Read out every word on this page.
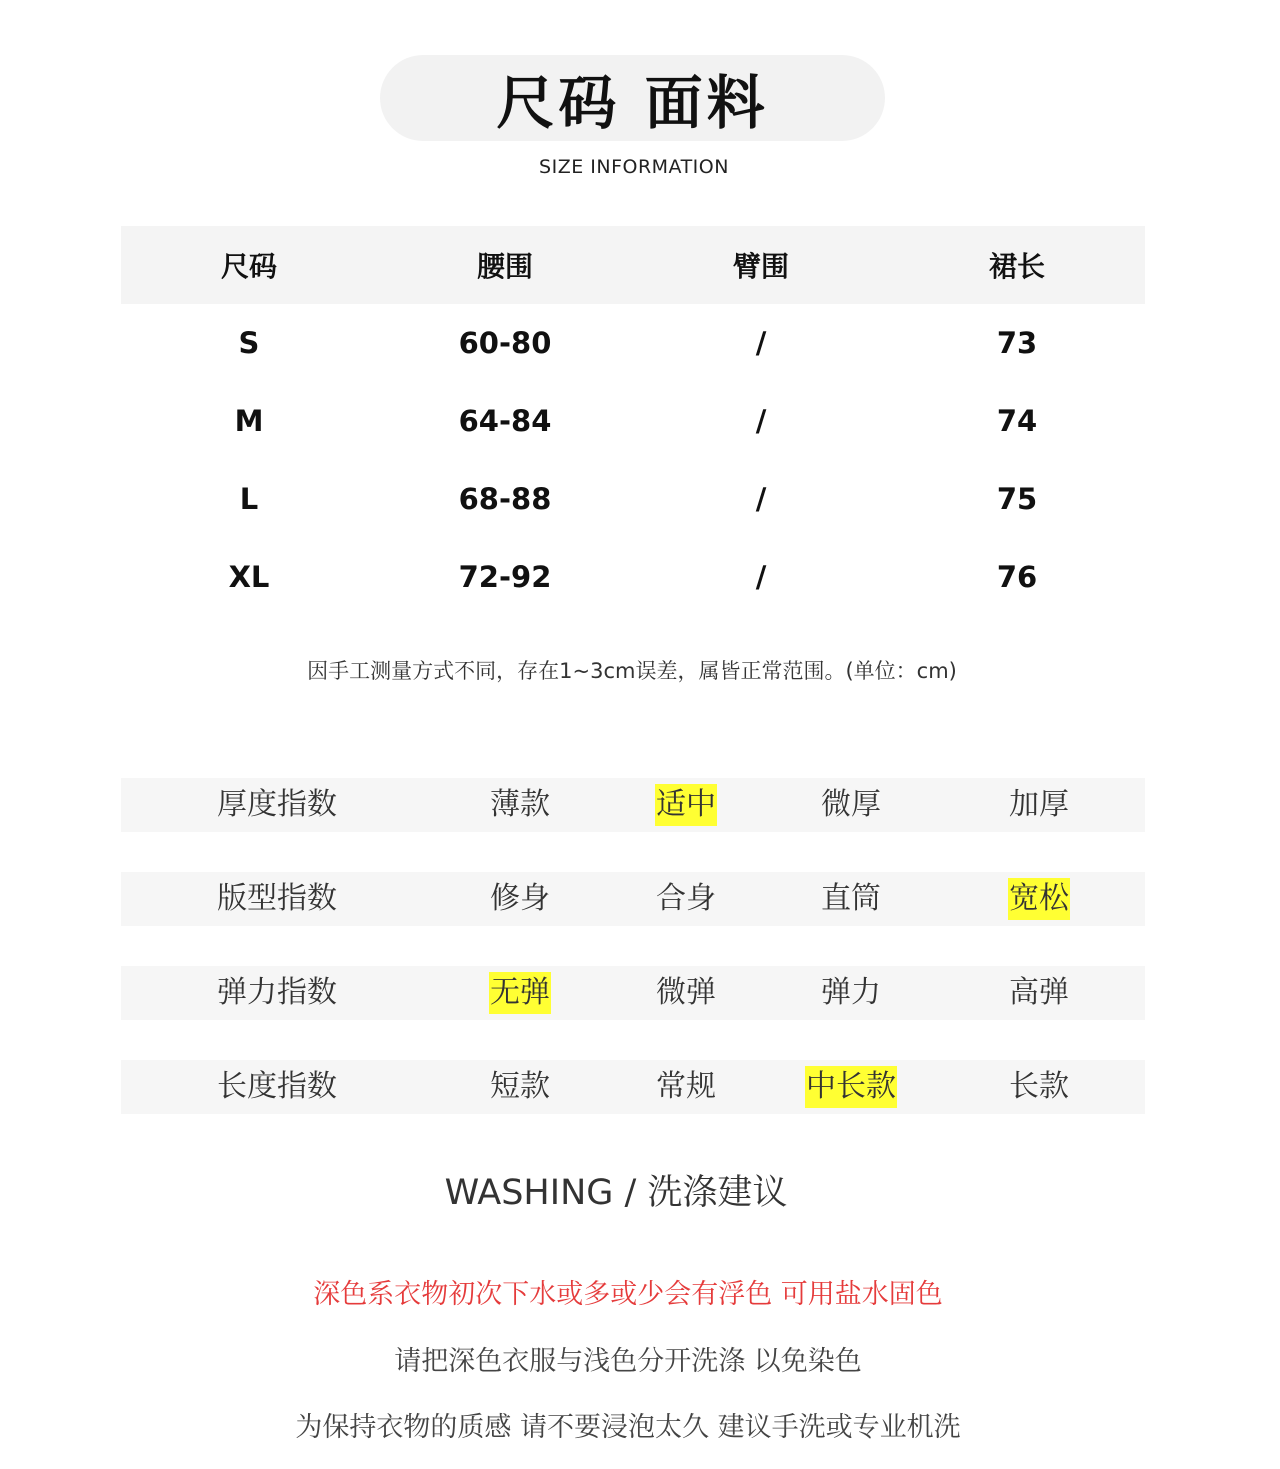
尺码 面料
SIZE INFORMATION
尺码	腰围	臂围	裙长
S	60-80	/	73
M	64-84	/	74
L	68-88	/	75
XL	72-92	/	76
因手工测量方式不同，存在1~3cm误差，属皆正常范围。(单位：cm)
厚度指数	薄款	适中	微厚	加厚
版型指数	修身	合身	直筒	宽松
弹力指数	无弹	微弹	弹力	高弹
长度指数	短款	常规	中长款	长款
WASHING / 洗涤建议
深色系衣物初次下水或多或少会有浮色 可用盐水固色
请把深色衣服与浅色分开洗涤 以免染色
为保持衣物的质感 请不要浸泡太久 建议手洗或专业机洗
